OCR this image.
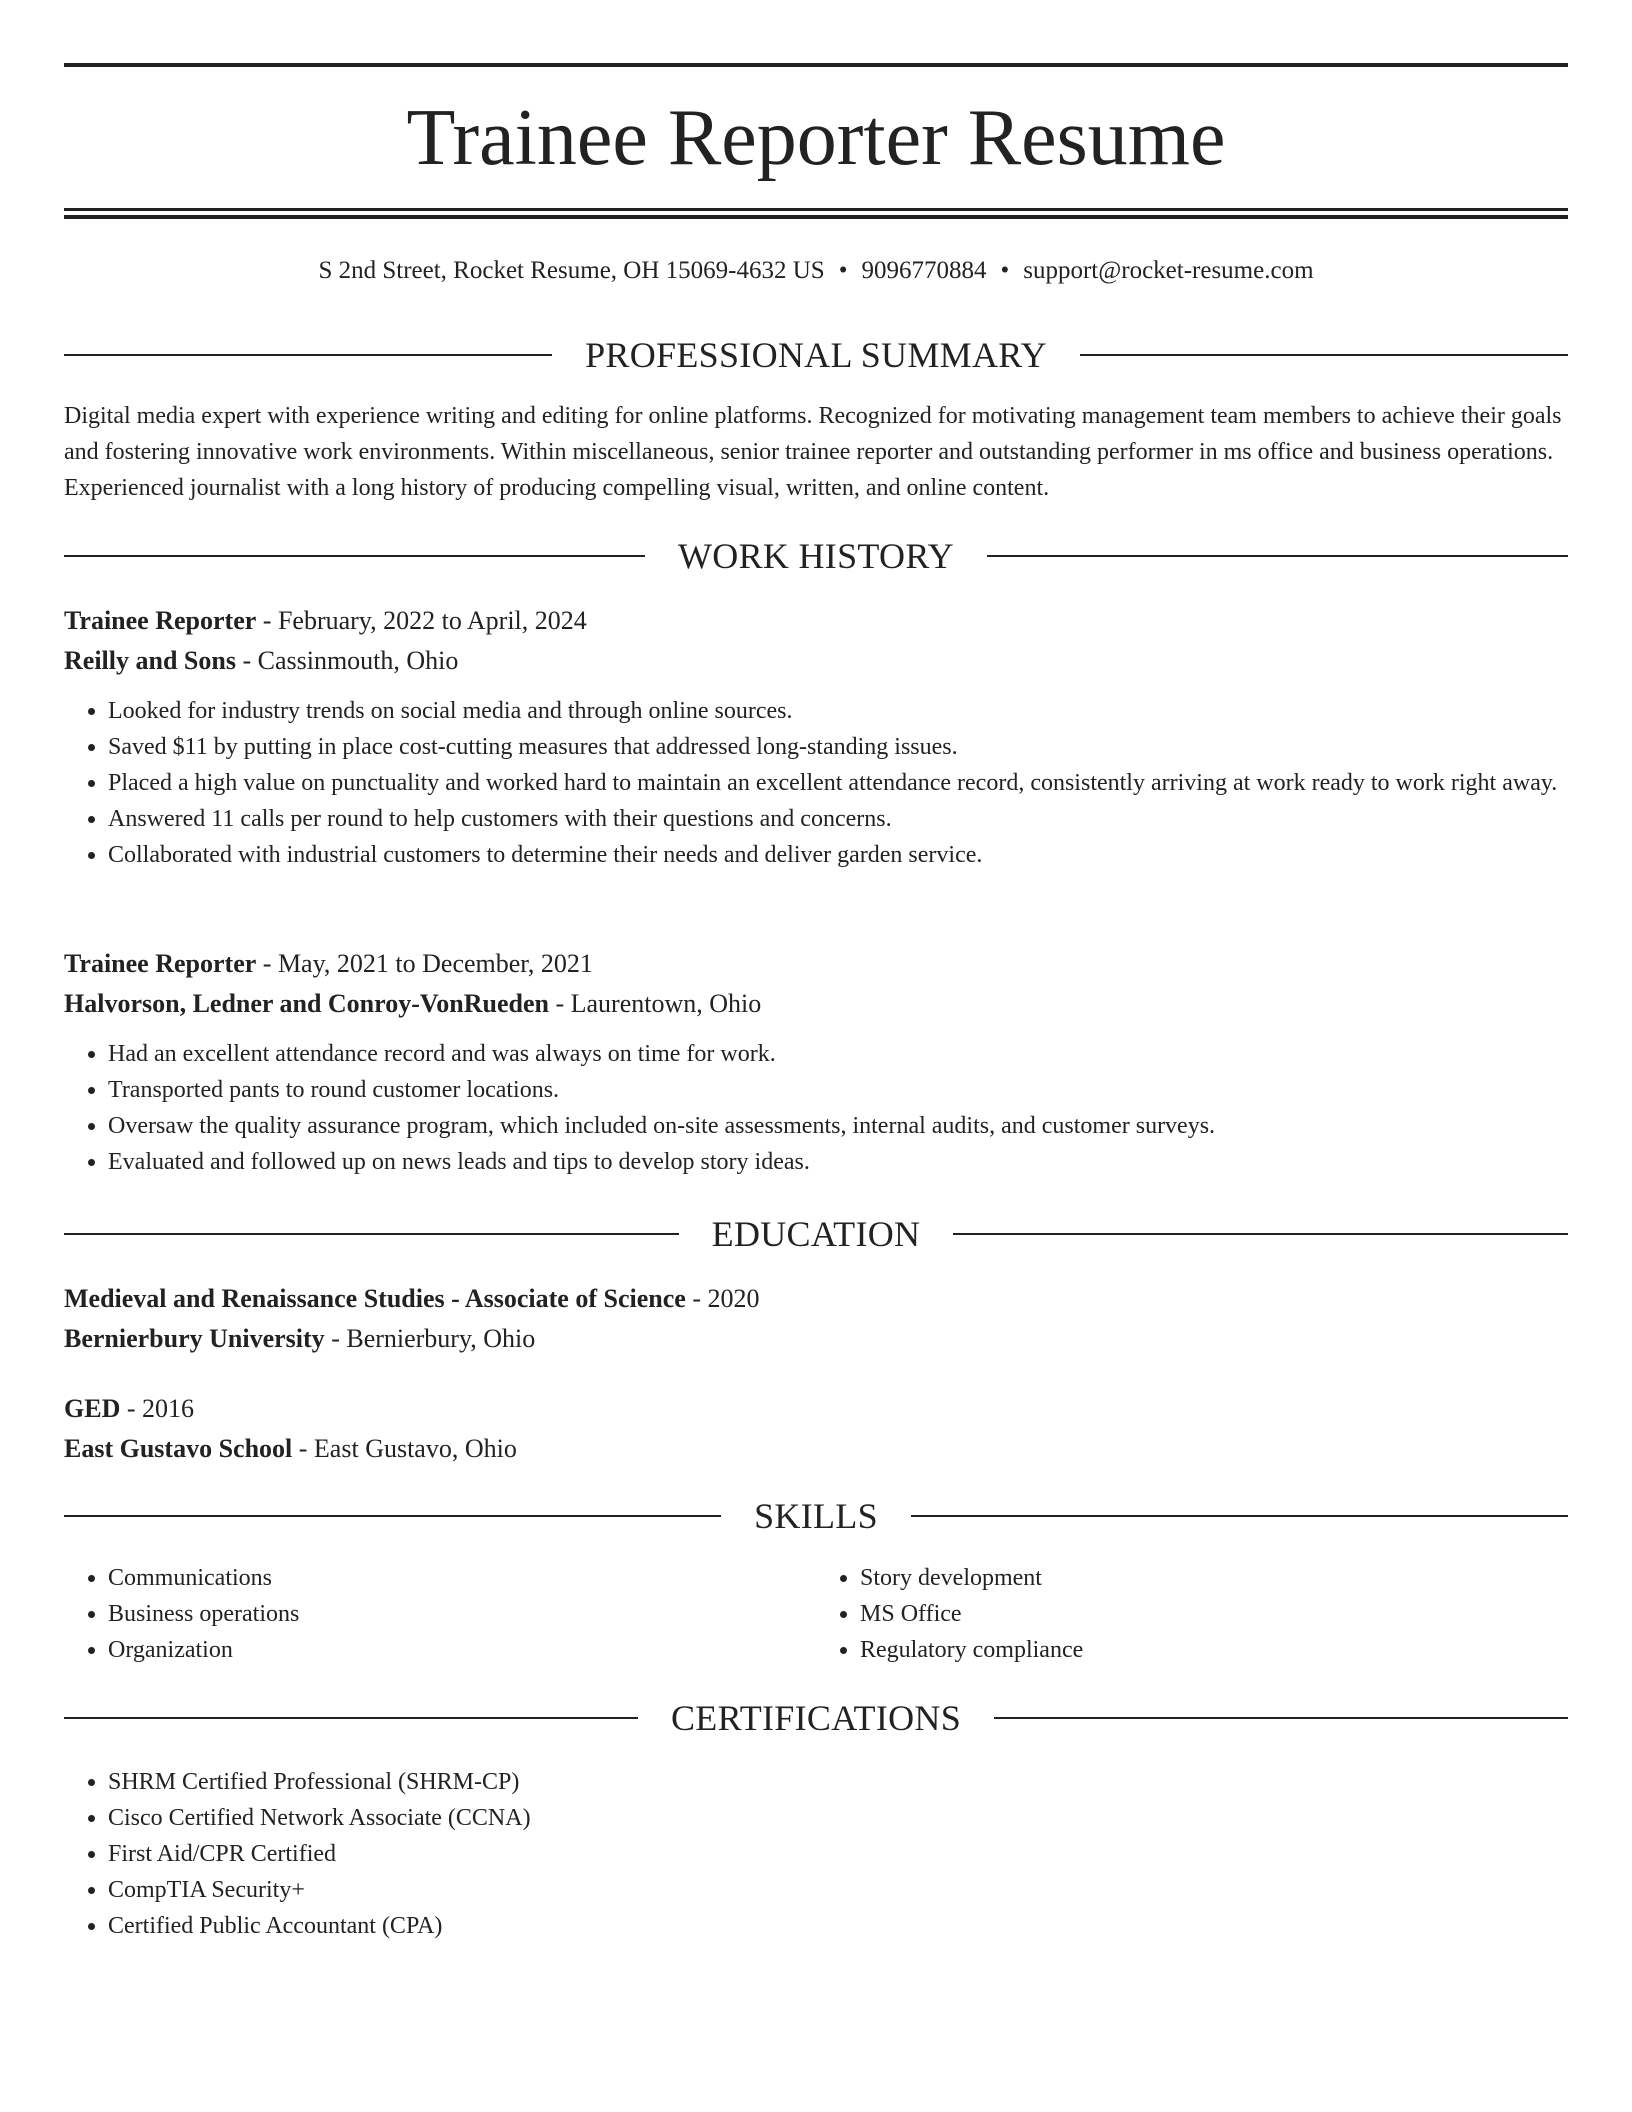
Trainee Reporter Resume
S 2nd Street, Rocket Resume, OH 15069-4632 US • 9096770884 • support@rocket-resume.com
PROFESSIONAL SUMMARY

Digital media expert with experience writing and editing for online platforms. Recognized for motivating management team members to achieve their goals and fostering innovative work environments. Within miscellaneous, senior trainee reporter and outstanding performer in ms office and business operations. Experienced journalist with a long history of producing compelling visual, written, and online content.

WORK HISTORY
Trainee Reporter - February, 2022 to April, 2024
Reilly and Sons - Cassinmouth, Ohio
• Looked for industry trends on social media and through online sources.
• Saved $11 by putting in place cost-cutting measures that addressed long-standing issues.
• Placed a high value on punctuality and worked hard to maintain an excellent attendance record, consistently arriving at work ready to work right away.
• Answered 11 calls per round to help customers with their questions and concerns.
• Collaborated with industrial customers to determine their needs and deliver garden service.
Trainee Reporter - May, 2021 to December, 2021
Halvorson, Ledner and Conroy-VonRueden - Laurentown, Ohio
• Had an excellent attendance record and was always on time for work.
• Transported pants to round customer locations.
• Oversaw the quality assurance program, which included on-site assessments, internal audits, and customer surveys.
• Evaluated and followed up on news leads and tips to develop story ideas.
EDUCATION
Medieval and Renaissance Studies - Associate of Science - 2020
Bernierbury University - Bernierbury, Ohio
GED - 2016
East Gustavo School - East Gustavo, Ohio
SKILLS
• Communications
• Business operations
• Organization
• Story development
• MS Office
• Regulatory compliance
CERTIFICATIONS
• SHRM Certified Professional (SHRM-CP)
• Cisco Certified Network Associate (CCNA)
• First Aid/CPR Certified
• CompTIA Security+
• Certified Public Accountant (CPA)
